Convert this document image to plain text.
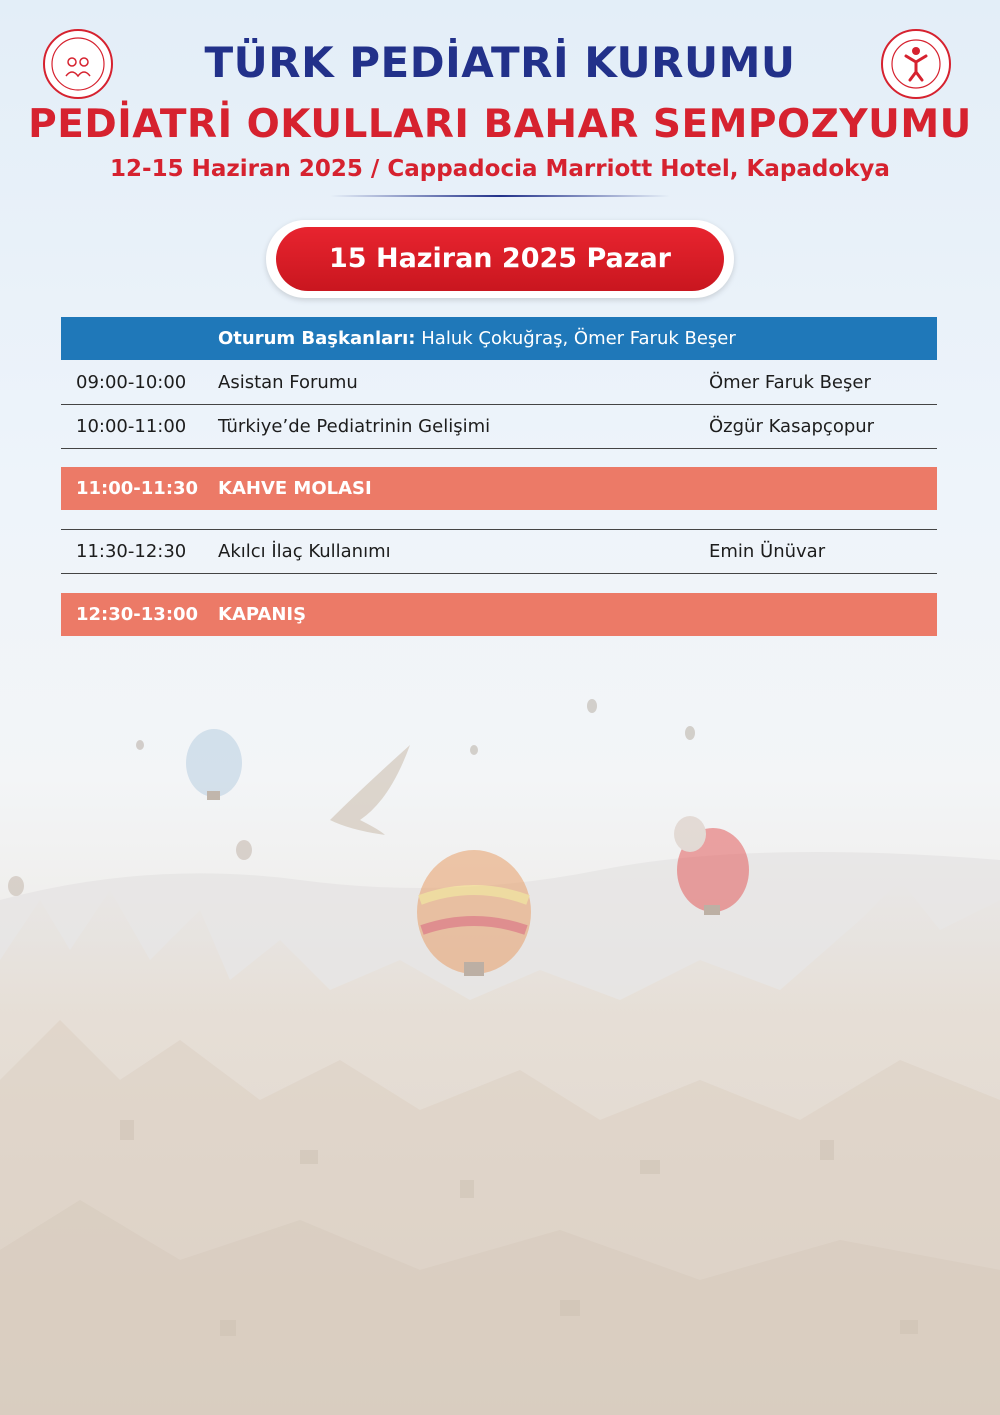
TÜRK PEDİATRİ KURUMU
PEDİATRİ OKULLARI BAHAR SEMPOZYUMU
12-15 Haziran 2025 / Cappadocia Marriott Hotel, Kapadokya
15 Haziran 2025 Pazar
Oturum Başkanları: Haluk Çokuğraş, Ömer Faruk Beşer
09:00-10:00	Asistan Forumu	Ömer Faruk Beşer
10:00-11:00	Türkiye’de Pediatrinin Gelişimi	Özgür Kasapçopur
11:00-11:30	KAHVE MOLASI
11:30-12:30	Akılcı İlaç Kullanımı	Emin Ünüvar
12:30-13:00	KAPANIŞ
